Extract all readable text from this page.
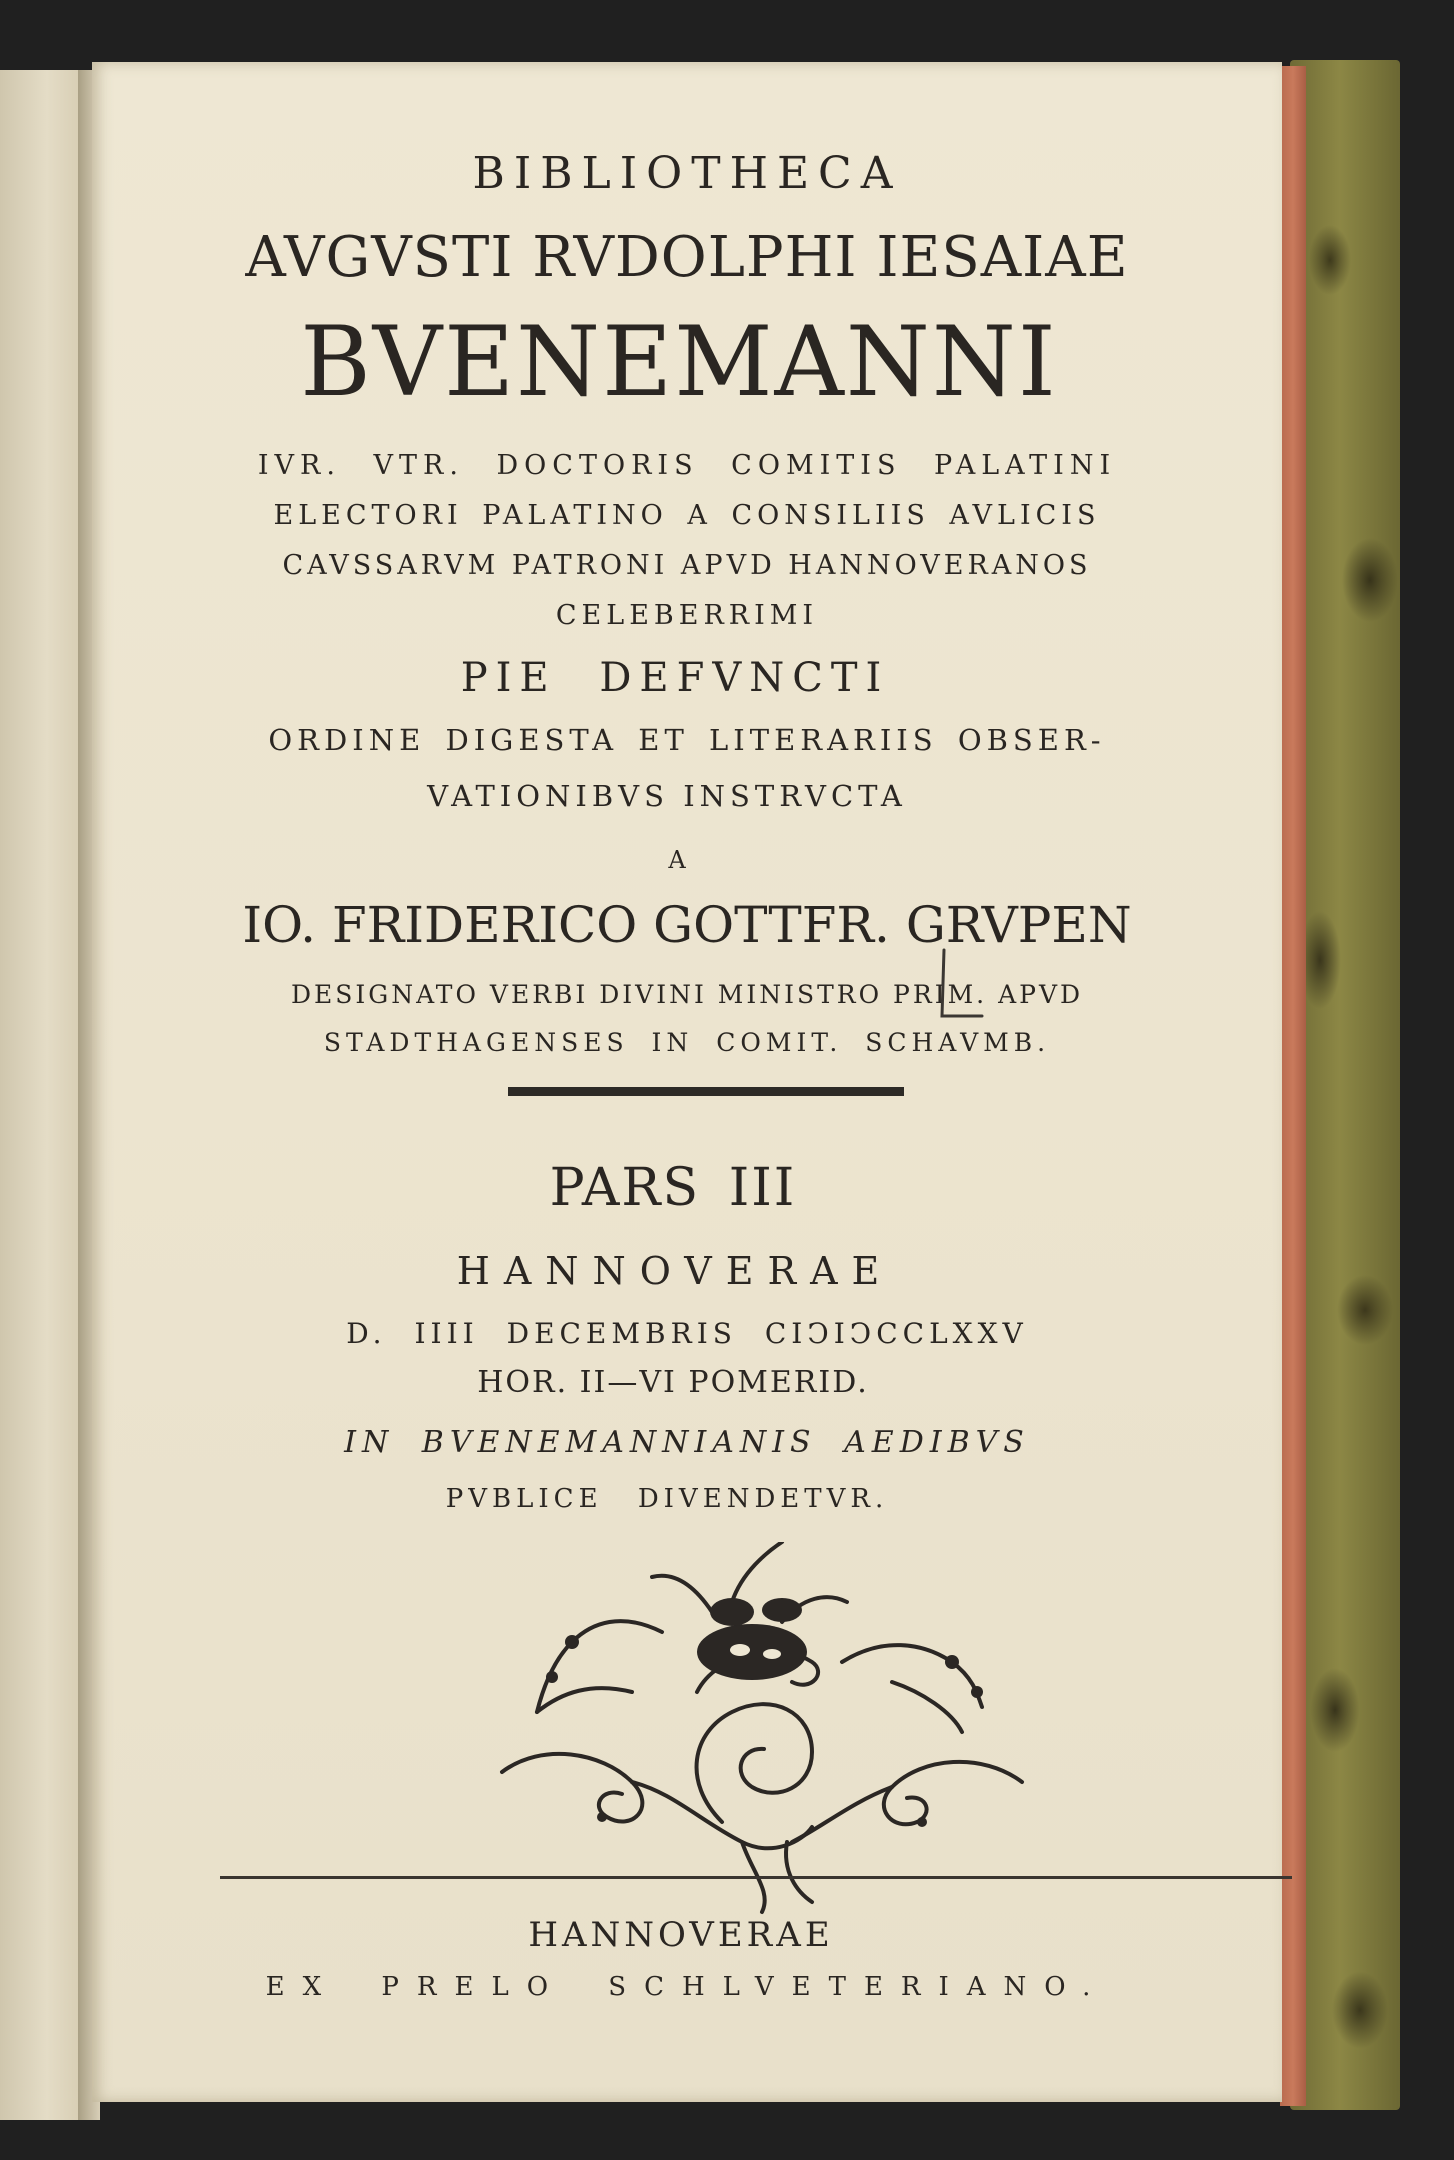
BIBLIOTHECA
AVGVSTI RVDOLPHI IESAIAE
BVENEMANNI
IVR. VTR. DOCTORIS COMITIS PALATINI
ELECTORI PALATINO A CONSILIIS AVLICIS
CAVSSARVM PATRONI APVD HANNOVERANOS
CELEBERRIMI
PIE DEFVNCTI
ORDINE DIGESTA ET LITERARIIS OBSER-
VATIONIBVS INSTRVCTA
A
IO. FRIDERICO GOTTFR. GRVPEN
DESIGNATO VERBI DIVINI MINISTRO PRIM. APVD
STADTHAGENSES IN COMIT. SCHAVMB.
PARS III
HANNOVERAE
D. IIII DECEMBRIS CIↃIↃCCLXXV
HOR. II—VI POMERID.
IN BVENEMANNIANIS AEDIBVS
PVBLICE DIVENDETVR.
HANNOVERAE
EX PRELO SCHLVETERIANO.
